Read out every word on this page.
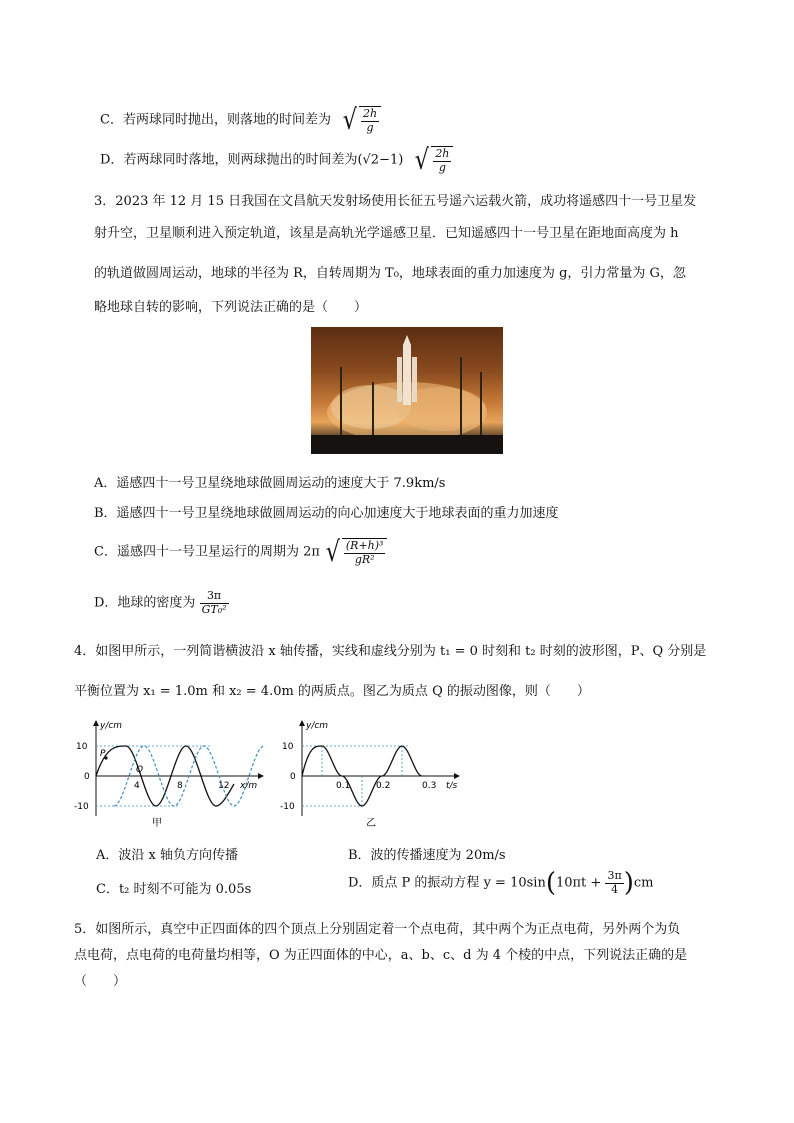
C．若两球同时抛出，则落地的时间差为 √ $\frac{2h}{g}$
D．若两球同时落地，则两球抛出的时间差为(√2−1) √ $\frac{2h}{g}$
3．2023 年 12 月 15 日我国在文昌航天发射场使用长征五号遥六运载火箭，成功将遥感四十一号卫星发
射升空，卫星顺利进入预定轨道，该星是高轨光学遥感卫星．已知遥感四十一号卫星在距地面高度为 h
的轨道做圆周运动，地球的半径为 R，自转周期为 T₀，地球表面的重力加速度为 g，引力常量为 G，忽
略地球自转的影响，下列说法正确的是（　　）
A．遥感四十一号卫星绕地球做圆周运动的速度大于 7.9km/s
B．遥感四十一号卫星绕地球做圆周运动的向心加速度大于地球表面的重力加速度
C．遥感四十一号卫星运行的周期为 2π √ $\frac{\text{(R+h)³}}{\text{gR²}}$
D．地球的密度为 $\frac{3\pi}{\text{GT₀²}}$
4．如图甲所示，一列简谐横波沿 x 轴传播，实线和虚线分别为 t₁ = 0 时刻和 t₂ 时刻的波形图，P、Q 分别是
平衡位置为 x₁ = 1.0m 和 x₂ = 4.0m 的两质点。图乙为质点 Q 的振动图像，则（　　）
y/cm
x/m
10
0
-10
4	8	12
P
Q
甲
y/cm
t/s
10
0
-10
0.1	0.2	0.3
乙
A．波沿 x 轴负方向传播	B．波的传播速度为 20m/s
C．t₂ 时刻不可能为 0.05s	D．质点 P 的振动方程 $y = 10\sin(10\pi t + \frac{3\pi}{4} )cm$
5．如图所示，真空中正四面体的四个顶点上分别固定着一个点电荷，其中两个为正点电荷，另外两个为负
点电荷，点电荷的电荷量均相等，O 为正四面体的中心，a、b、c、d 为 4 个棱的中点，下列说法正确的是
（　　）
